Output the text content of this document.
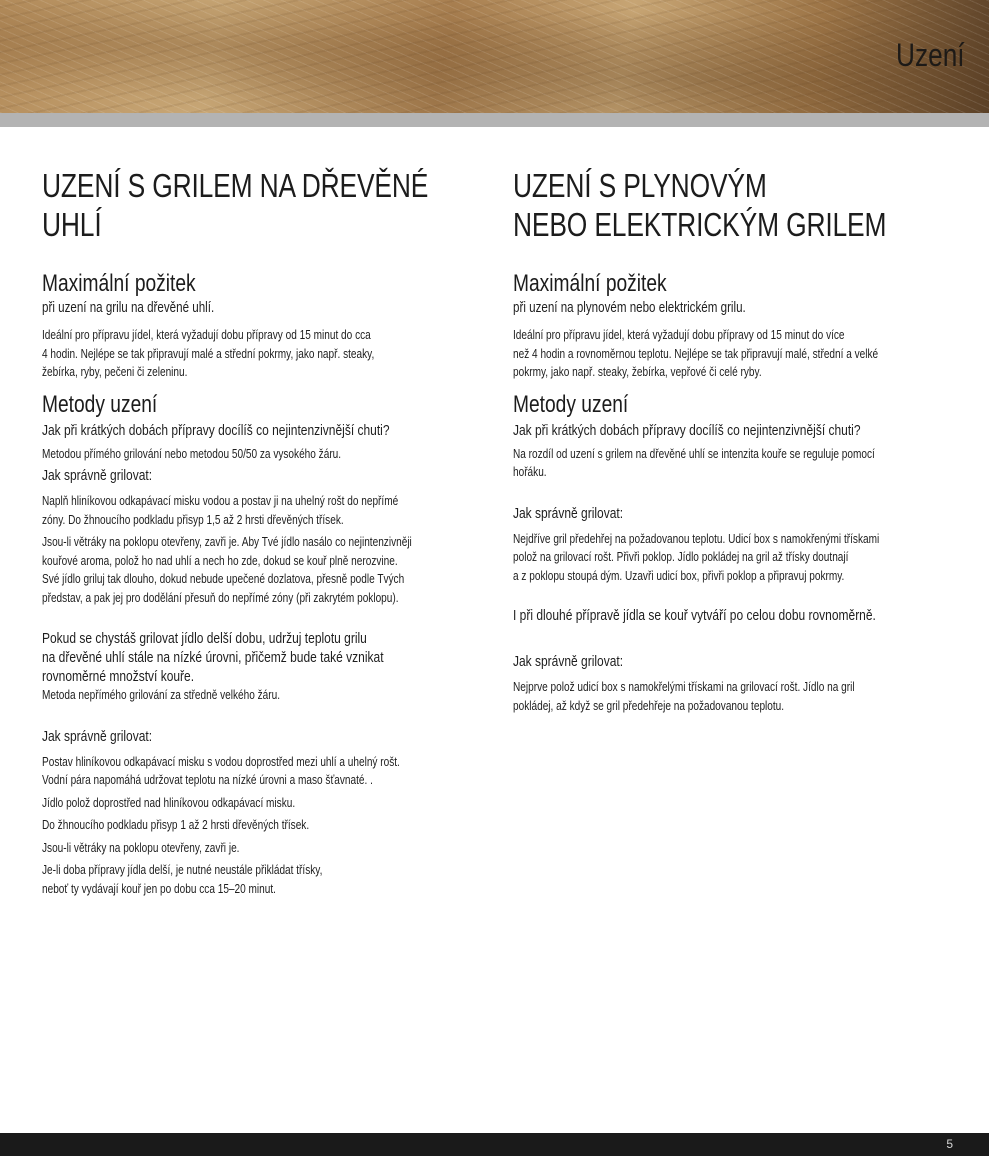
Uzení
UZENÍ S GRILEM NA DŘEVĚNÉ UHLÍ
Maximální požitek

při uzení na grilu na dřevěné uhlí.

Ideální pro přípravu jídel, která vyžadují dobu přípravy od 15 minut do cca
4 hodin. Nejlépe se tak připravují malé a střední pokrmy, jako např. steaky,
žebírka, ryby, pečeni či zeleninu.

Metody uzení

Jak při krátkých dobách přípravy docílíš co nejintenzivnější chuti?

Metodou přímého grilování nebo metodou 50/50 za vysokého žáru.

Jak správně grilovat:

Naplň hliníkovou odkapávací misku vodou a postav ji na uhelný rošt do nepřímé
zóny. Do žhnoucího podkladu přisyp 1,5 až 2 hrsti dřevěných třísek.

Jsou-li větráky na poklopu otevřeny, zavři je. Aby Tvé jídlo nasálo co nejintenzivněji
kouřové aroma, polož ho nad uhlí a nech ho zde, dokud se kouř plně nerozvine.
Své jídlo griluj tak dlouho, dokud nebude upečené dozlatova, přesně podle Tvých
představ, a pak jej pro dodělání přesuň do nepřímé zóny (při zakrytém poklopu).

Pokud se chystáš grilovat jídlo delší dobu, udržuj teplotu grilu
na dřevěné uhlí stále na nízké úrovni, přičemž bude také vznikat
rovnoměrné množství kouře.

Metoda nepřímého grilování za středně velkého žáru.

Jak správně grilovat:

Postav hliníkovou odkapávací misku s vodou doprostřed mezi uhlí a uhelný rošt.
Vodní pára napomáhá udržovat teplotu na nízké úrovni a maso šťavnaté. .

Jídlo polož doprostřed nad hliníkovou odkapávací misku.

Do žhnoucího podkladu přisyp 1 až 2 hrsti dřevěných třísek.

Jsou-li větráky na poklopu otevřeny, zavři je.

Je-li doba přípravy jídla delší, je nutné neustále přikládat třísky,
neboť ty vydávají kouř jen po dobu cca 15–20 minut.

UZENÍ S PLYNOVÝM
NEBO ELEKTRICKÝM GRILEM
Maximální požitek

při uzení na plynovém nebo elektrickém grilu.

Ideální pro přípravu jídel, která vyžadují dobu přípravy od 15 minut do více
než 4 hodin a rovnoměrnou teplotu. Nejlépe se tak připravují malé, střední a velké
pokrmy, jako např. steaky, žebírka, vepřové či celé ryby.

Metody uzení

Jak při krátkých dobách přípravy docílíš co nejintenzivnější chuti?

Na rozdíl od uzení s grilem na dřevěné uhlí se intenzita kouře se reguluje pomocí
hořáku.

Jak správně grilovat:

Nejdříve gril předehřej na požadovanou teplotu. Udicí box s namokřenými třískami
polož na grilovací rošt. Přivři poklop. Jídlo pokládej na gril až třísky doutnají
a z poklopu stoupá dým. Uzavři udicí box, přivři poklop a připravuj pokrmy.

I při dlouhé přípravě jídla se kouř vytváří po celou dobu rovnoměrně.

Jak správně grilovat:

Nejprve polož udicí box s namokřelými třískami na grilovací rošt. Jídlo na gril
pokládej, až když se gril předehřeje na požadovanou teplotu.

5
